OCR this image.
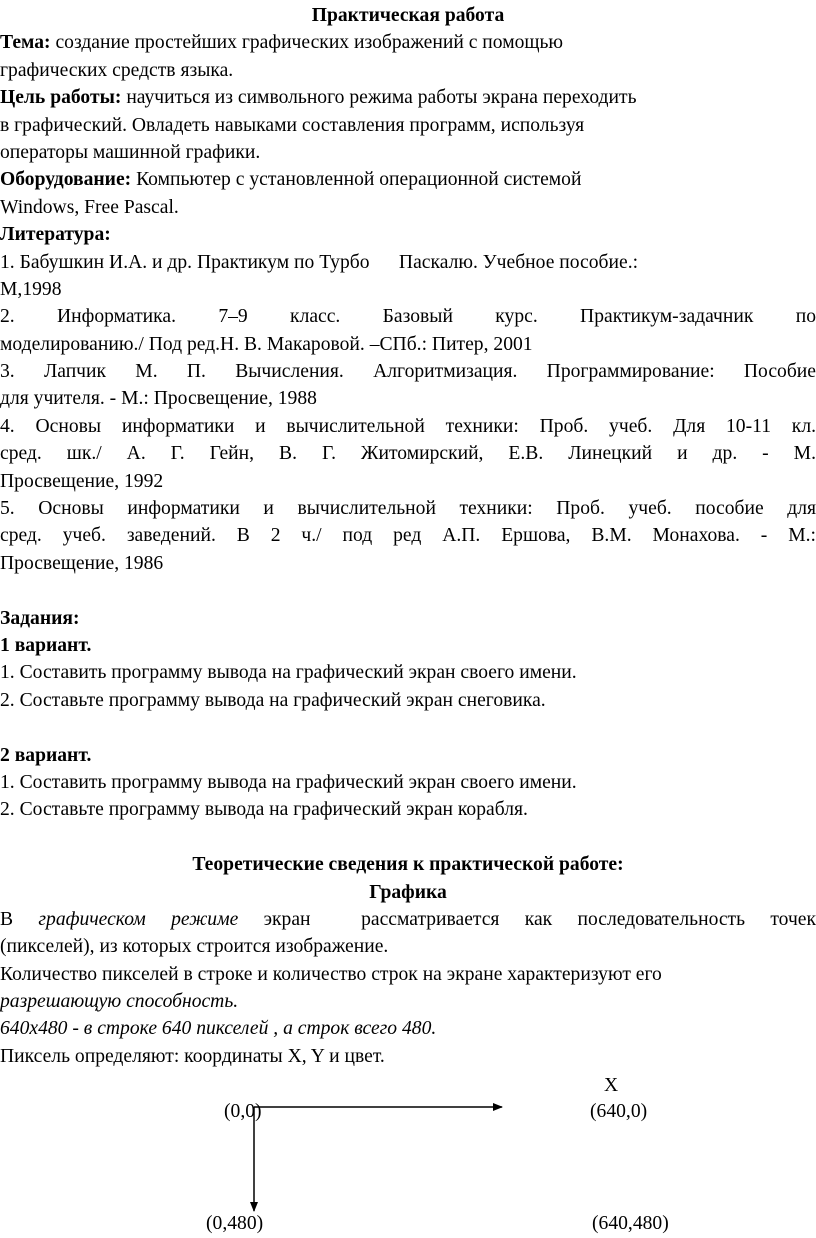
Практическая работа
Тема: создание простейших графических изображений с помощью
графических средств языка.
Цель работы: научиться из символьного режима работы экрана переходить
в графический. Овладеть навыками составления программ, используя
операторы машинной графики.
Оборудование: Компьютер с установленной операционной системой
Windows, Free Pascal.
Литература:
1. Бабушкин И.А. и др. Практикум по Турбо      Паскалю. Учебное пособие.:
М,1998
2. Информатика. 7–9 класс. Базовый курс. Практикум-задачник по
моделированию./ Под ред.Н. В. Макаровой. –СПб.: Питер, 2001
3. Лапчик М. П. Вычисления. Алгоритмизация. Программирование: Пособие
для учителя. - М.: Просвещение, 1988
4. Основы информатики и вычислительной техники: Проб. учеб. Для 10-11 кл.
сред. шк./ А. Г. Гейн, В. Г. Житомирский, Е.В. Линецкий и др. - М.
Просвещение, 1992
5. Основы информатики и вычислительной техники: Проб. учеб. пособие для
сред. учеб. заведений. В 2 ч./ под ред А.П. Ершова, В.М. Монахова. - М.:
Просвещение, 1986
Задания:
1 вариант.
1. Составить программу вывода на графический экран своего имени.
2. Составьте программу вывода на графический экран снеговика.
2 вариант.
1. Составить программу вывода на графический экран своего имени.
2. Составьте программу вывода на графический экран корабля.
Теоретические сведения к практической работе:
Графика
В графическом режиме экран  рассматривается как последовательность точек
(пикселей), из которых строится изображение.
Количество пикселей в строке и количество строк на экране характеризуют его
разрешающую способность.
640x480 - в строке 640 пикселей , а строк всего 480.
Пиксель определяют: координаты X, Y и цвет.
X
(0,0)	(640,0)
(0,480)	(640,480)
